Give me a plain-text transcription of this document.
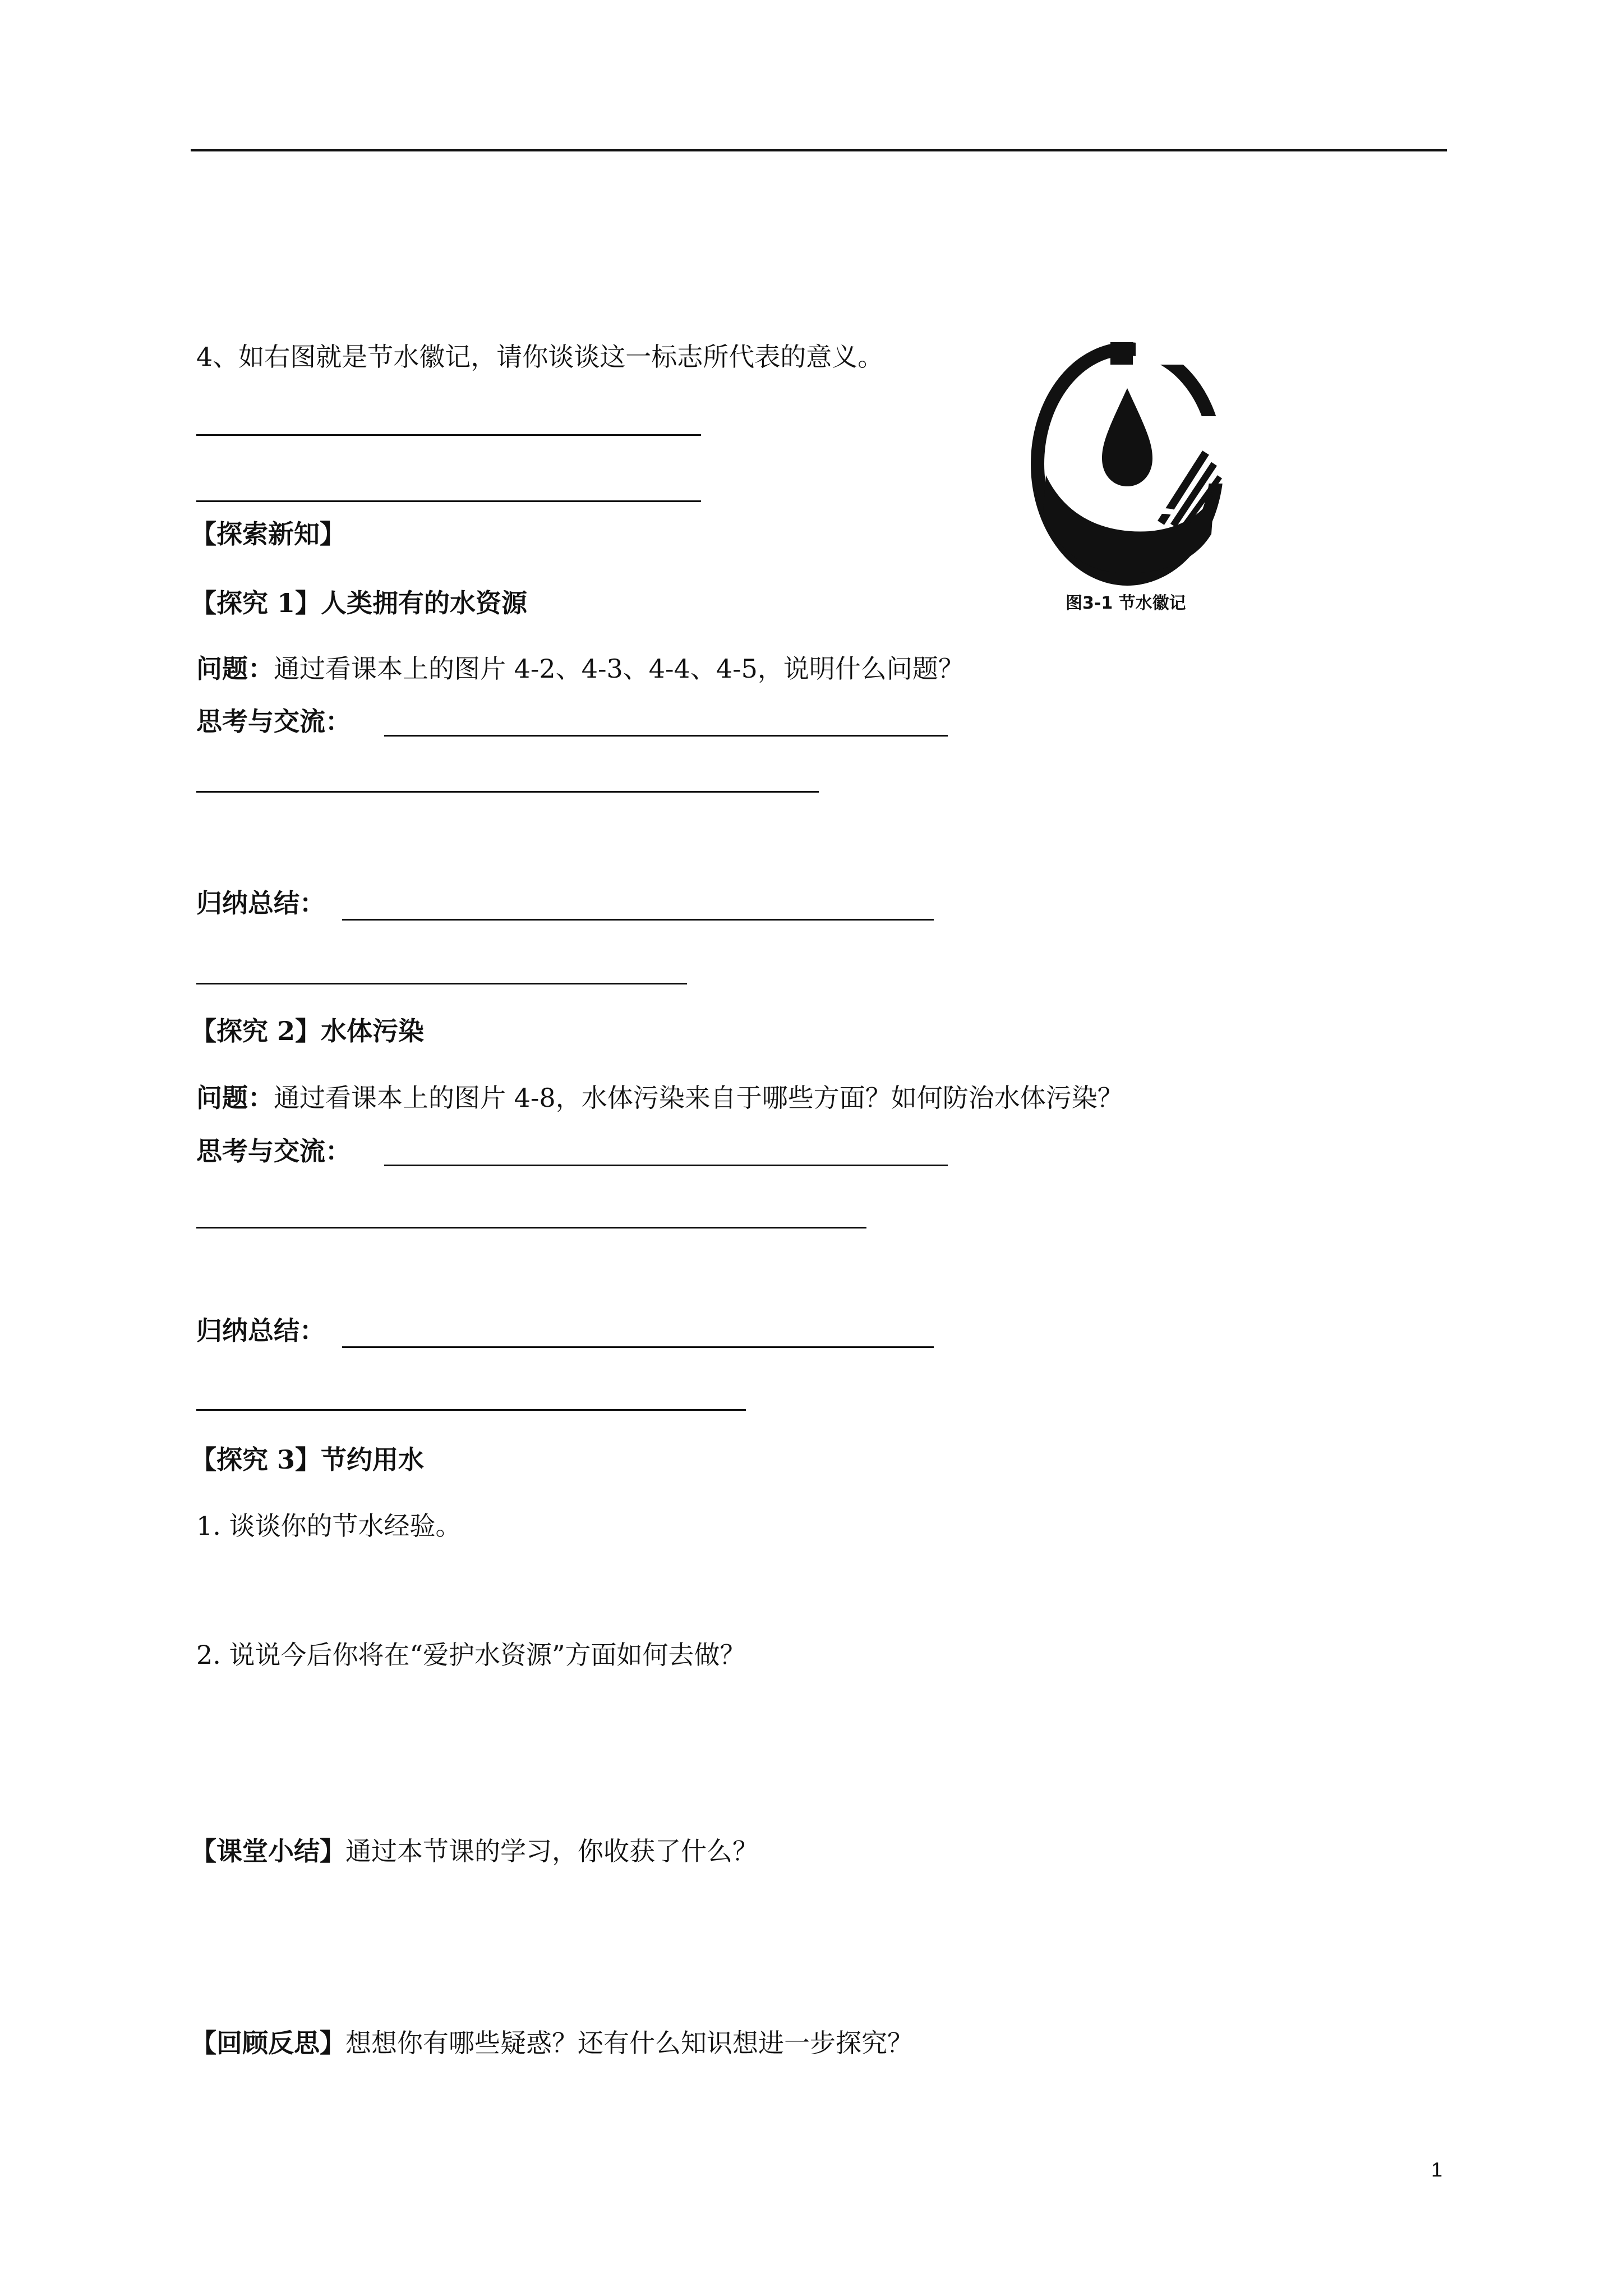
4、如右图就是节水徽记，请你谈谈这一标志所代表的意义。
图3-1 节水徽记
【探索新知】
【探究 1】人类拥有的水资源
问题：通过看课本上的图片 4-2、4-3、4-4、4-5，说明什么问题？
思考与交流：
归纳总结：
【探究 2】水体污染
问题：通过看课本上的图片 4-8，水体污染来自于哪些方面？如何防治水体污染？
思考与交流：
归纳总结：
【探究 3】节约用水
1. 谈谈你的节水经验。
2. 说说今后你将在“爱护水资源”方面如何去做？
【课堂小结】通过本节课的学习，你收获了什么？
【回顾反思】想想你有哪些疑惑？还有什么知识想进一步探究？
1
